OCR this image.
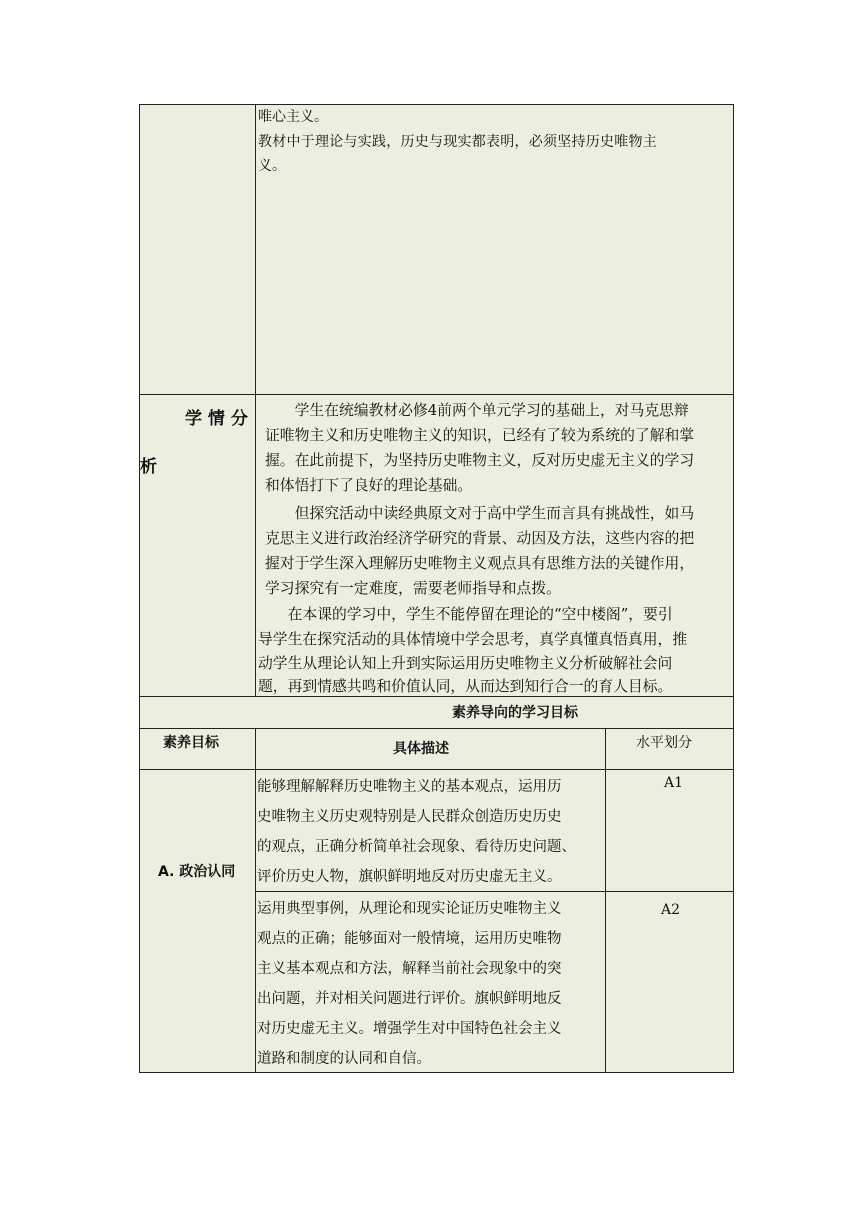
唯心主义。
教材中于理论与实践，历史与现实都表明，必须坚持历史唯物主
义。
学 情 分
析
　　学生在统编教材必修4前两个单元学习的基础上，对马克思辩
证唯物主义和历史唯物主义的知识，已经有了较为系统的了解和掌
握。在此前提下，为坚持历史唯物主义，反对历史虚无主义的学习
和体悟打下了良好的理论基础。
　　但探究活动中读经典原文对于高中学生而言具有挑战性，如马
克思主义进行政治经济学研究的背景、动因及方法，这些内容的把
握对于学生深入理解历史唯物主义观点具有思维方法的关键作用，
学习探究有一定难度，需要老师指导和点拨。
　　在本课的学习中，学生不能停留在理论的“空中楼阁”，要引
导学生在探究活动的具体情境中学会思考，真学真懂真悟真用，推
动学生从理论认知上升到实际运用历史唯物主义分析破解社会问
题，再到情感共鸣和价值认同，从而达到知行合一的育人目标。
素养导向的学习目标
素养目标	具体描述	水平划分
A. 政治认同
能够理解解释历史唯物主义的基本观点，运用历
史唯物主义历史观特别是人民群众创造历史历史
的观点，正确分析简单社会现象、看待历史问题、
评价历史人物，旗帜鲜明地反对历史虚无主义。
A1
运用典型事例，从理论和现实论证历史唯物主义
观点的正确；能够面对一般情境，运用历史唯物
主义基本观点和方法，解释当前社会现象中的突
出问题，并对相关问题进行评价。旗帜鲜明地反
对历史虚无主义。增强学生对中国特色社会主义
道路和制度的认同和自信。
A2
